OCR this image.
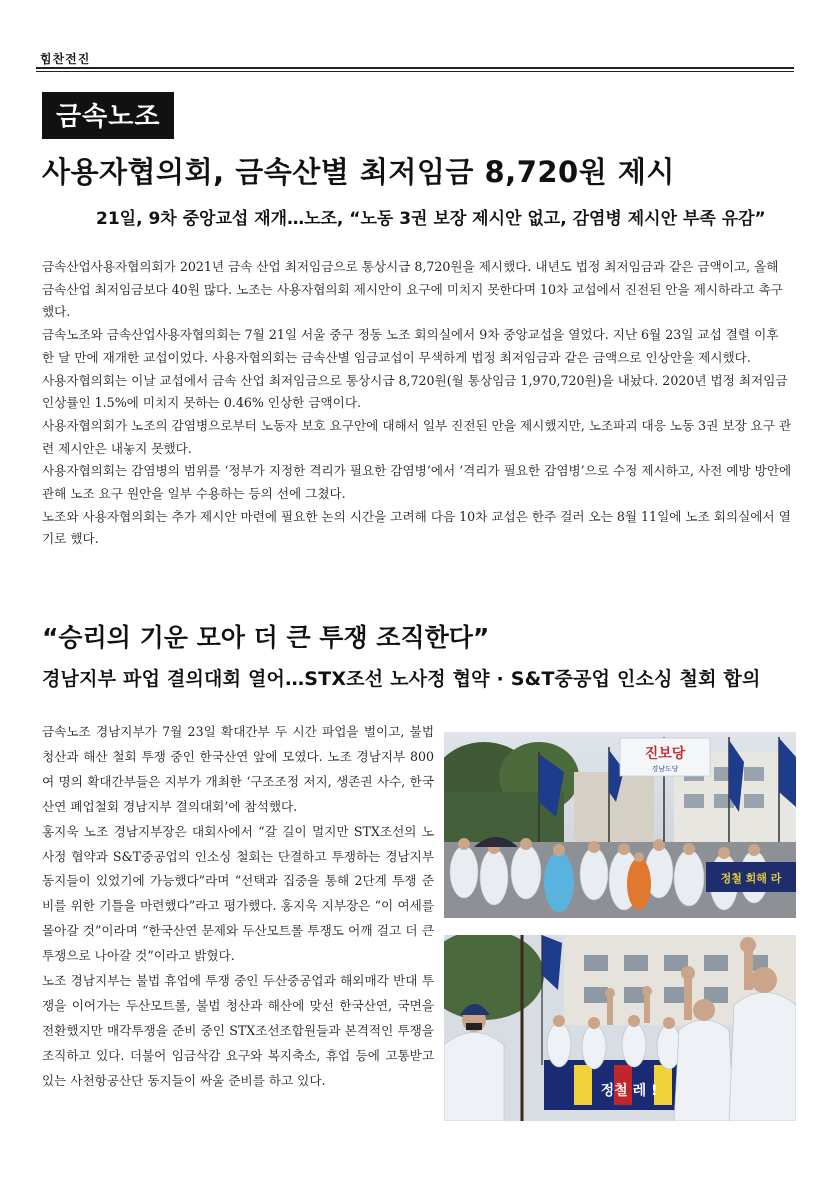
힘찬전진
금속노조
사용자협의회, 금속산별 최저임금 8,720원 제시
21일, 9차 중앙교섭 재개…노조, “노동 3권 보장 제시안 없고, 감염병 제시안 부족 유감”

금속산업사용자협의회가 2021년 금속 산업 최저임금으로 통상시급 8,720원을 제시했다. 내년도 법정 최저임금과 같은 금액이고, 올해 금속산업 최저임금보다 40원 많다. 노조는 사용자협의회 제시안이 요구에 미치지 못한다며 10차 교섭에서 진전된 안을 제시하라고 촉구했다.

금속노조와 금속산업사용자협의회는 7월 21일 서울 중구 정동 노조 회의실에서 9차 중앙교섭을 열었다. 지난 6월 23일 교섭 결렬 이후 한 달 만에 재개한 교섭이었다. 사용자협의회는 금속산별 임금교섭이 무색하게 법정 최저임금과 같은 금액으로 인상안을 제시했다.

사용자협의회는 이날 교섭에서 금속 산업 최저임금으로 통상시급 8,720원(월 통상임금 1,970,720원)을 내놨다. 2020년 법정 최저임금 인상률인 1.5%에 미치지 못하는 0.46% 인상한 금액이다.

사용자협의회가 노조의 감염병으로부터 노동자 보호 요구안에 대해서 일부 진전된 안을 제시했지만, 노조파괴 대응 노동 3권 보장 요구 관련 제시안은 내놓지 못했다.

사용자협의회는 감염병의 범위를 ‘정부가 지정한 격리가 필요한 감염병’에서 ‘격리가 필요한 감염병’으로 수정 제시하고, 사전 예방 방안에 관해 노조 요구 원안을 일부 수용하는 등의 선에 그쳤다.

노조와 사용자협의회는 추가 제시안 마련에 필요한 논의 시간을 고려해 다음 10차 교섭은 한주 걸러 오는 8월 11일에 노조 회의실에서 열기로 했다.

“승리의 기운 모아 더 큰 투쟁 조직한다”
경남지부 파업 결의대회 열어…STX조선 노사정 협약 · S&T중공업 인소싱 철회 합의

금속노조 경남지부가 7월 23일 확대간부 두 시간 파업을 벌이고, 불법 청산과 해산 철회 투쟁 중인 한국산연 앞에 모였다. 노조 경남지부 800여 명의 확대간부들은 지부가 개최한 ‘구조조정 저지, 생존권 사수, 한국산연 폐업철회 경남지부 결의대회’에 참석했다.

홍지욱 노조 경남지부장은 대회사에서 “갈 길이 멀지만 STX조선의 노사정 협약과 S&T중공업의 인소싱 철회는 단결하고 투쟁하는 경남지부 동지들이 있었기에 가능했다”라며 “선택과 집중을 통해 2단계 투쟁 준비를 위한 기틀을 마련했다”라고 평가했다. 홍지욱 지부장은 “이 여세를 몰아갈 것”이라며 “한국산연 문제와 두산모트롤 투쟁도 어깨 걸고 더 큰 투쟁으로 나아갈 것”이라고 밝혔다.

노조 경남지부는 불법 휴업에 투쟁 중인 두산중공업과 해외매각 반대 투쟁을 이어가는 두산모트롤, 불법 청산과 해산에 맞선 한국산연, 국면을 전환했지만 매각투쟁을 준비 중인 STX조선조합원들과 본격적인 투쟁을 조직하고 있다. 더불어 임금삭감 요구와 복지축소, 휴업 등에 고통받고 있는 사천항공산단 동지들이 싸울 준비를 하고 있다.

진보당
경남도당
정철 회해 라
정철 레 !
